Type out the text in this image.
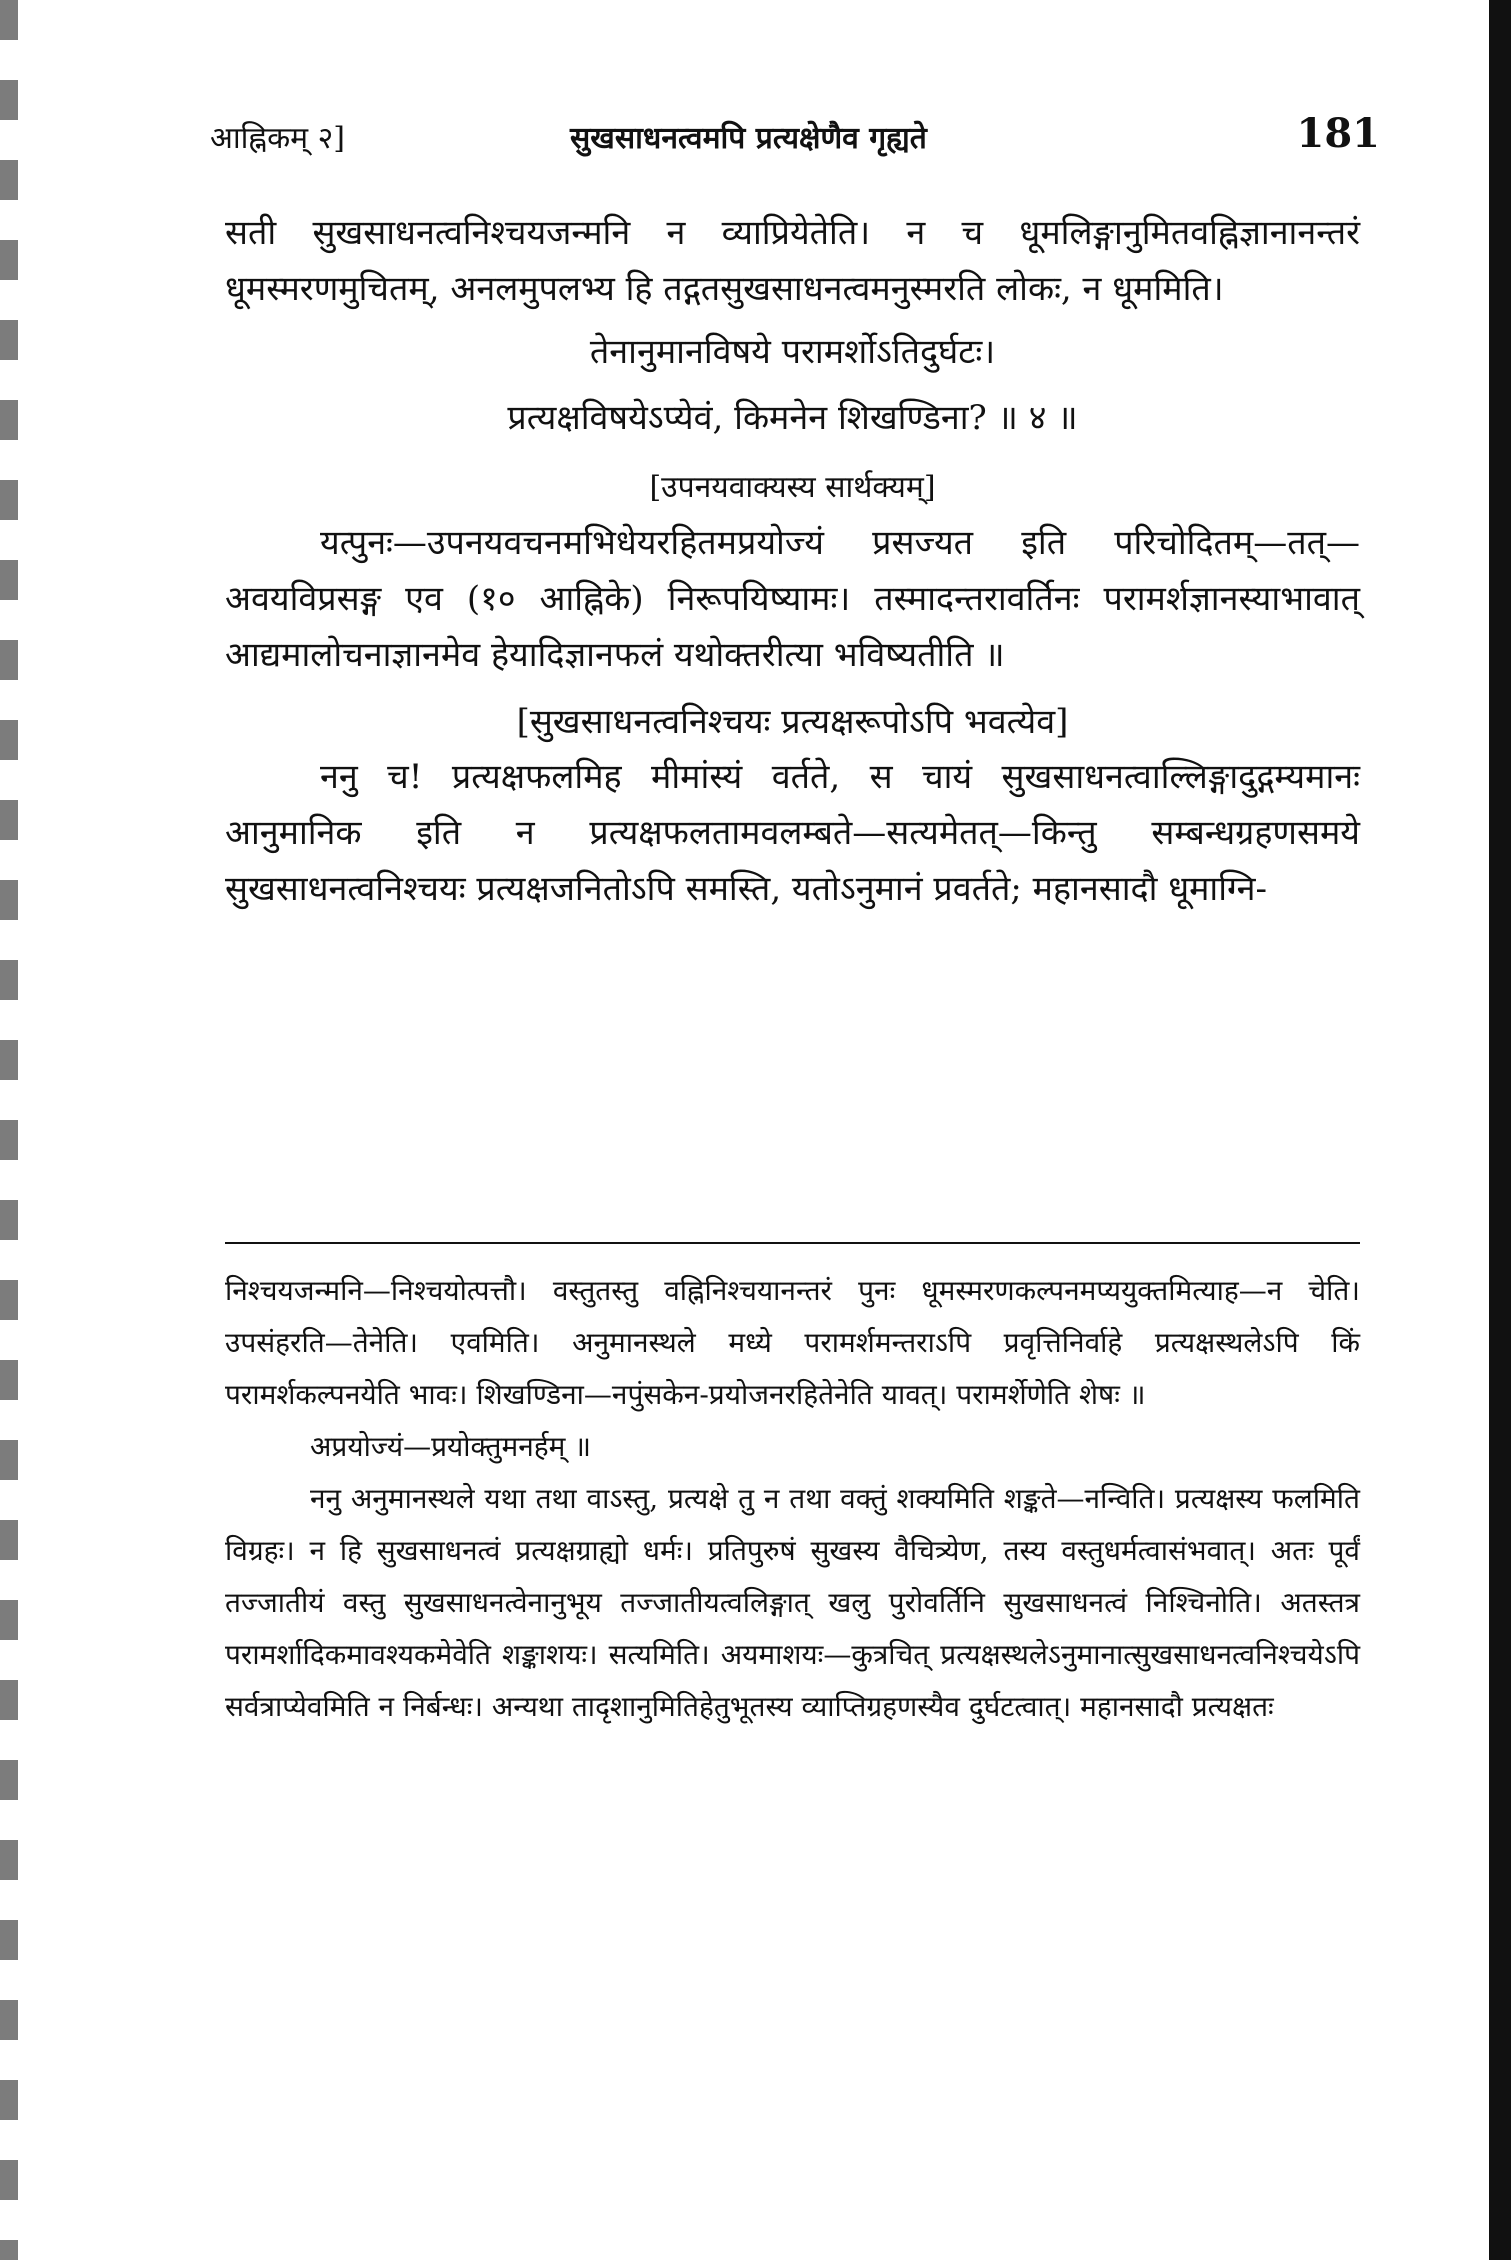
आह्निकम् २]	सुखसाधनत्वमपि प्रत्यक्षेणैव गृह्यते	181

सती सुखसाधनत्वनिश्चयजन्मनि न व्याप्रियेतेति। न च धूमलिङ्गानुमितवह्निज्ञानानन्तरं धूमस्मरणमुचितम्, अनलमुपलभ्य हि तद्गतसुखसाधनत्वमनुस्मरति लोकः, न धूममिति।

तेनानुमानविषये परामर्शोऽतिदुर्घटः।
प्रत्यक्षविषयेऽप्येवं, किमनेन शिखण्डिना? ॥ ४ ॥
[उपनयवाक्यस्य सार्थक्यम्]

यत्पुनः—उपनयवचनमभिधेयरहितमप्रयोज्यं प्रसज्यत इति परिचोदितम्—तत्—अवयविप्रसङ्ग एव (१० आह्निके) निरूपयिष्यामः। तस्मादन्तरावर्तिनः परामर्शज्ञानस्याभावात् आद्यमालोचनाज्ञानमेव हेयादिज्ञानफलं यथोक्तरीत्या भविष्यतीति ॥

[सुखसाधनत्वनिश्चयः प्रत्यक्षरूपोऽपि भवत्येव]

ननु च! प्रत्यक्षफलमिह मीमांस्यं वर्तते, स चायं सुखसाधनत्वाल्लिङ्गादुद्गम्यमानः आनुमानिक इति न प्रत्यक्षफलतामवलम्बते—सत्यमेतत्—किन्तु सम्बन्धग्रहणसमये सुखसाधनत्वनिश्चयः प्रत्यक्षजनितोऽपि समस्ति, यतोऽनुमानं प्रवर्तते; महानसादौ धूमाग्नि-

निश्चयजन्मनि—निश्चयोत्पत्तौ। वस्तुतस्तु वह्निनिश्चयानन्तरं पुनः धूमस्मरणकल्पनमप्ययुक्तमित्याह—न चेति। उपसंहरति—तेनेति। एवमिति। अनुमानस्थले मध्ये परामर्शमन्तराऽपि प्रवृत्तिनिर्वाहे प्रत्यक्षस्थलेऽपि किं परामर्शकल्पनयेति भावः। शिखण्डिना—नपुंसकेन-प्रयोजनरहितेनेति यावत्। परामर्शेणेति शेषः ॥

अप्रयोज्यं—प्रयोक्तुमनर्हम् ॥

ननु अनुमानस्थले यथा तथा वाऽस्तु, प्रत्यक्षे तु न तथा वक्तुं शक्यमिति शङ्कते—नन्विति। प्रत्यक्षस्य फलमिति विग्रहः। न हि सुखसाधनत्वं प्रत्यक्षग्राह्यो धर्मः। प्रतिपुरुषं सुखस्य वैचित्र्येण, तस्य वस्तुधर्मत्वासंभवात्। अतः पूर्वं तज्जातीयं वस्तु सुखसाधनत्वेनानुभूय तज्जातीयत्वलिङ्गात् खलु पुरोवर्तिनि सुखसाधनत्वं निश्चिनोति। अतस्तत्र परामर्शादिकमावश्यकमेवेति शङ्काशयः। सत्यमिति। अयमाशयः—कुत्रचित् प्रत्यक्षस्थलेऽनुमानात्सुखसाधनत्वनिश्चयेऽपि सर्वत्राप्येवमिति न निर्बन्धः। अन्यथा तादृशानुमितिहेतुभूतस्य व्याप्तिग्रहणस्यैव दुर्घटत्वात्। महानसादौ प्रत्यक्षतः
